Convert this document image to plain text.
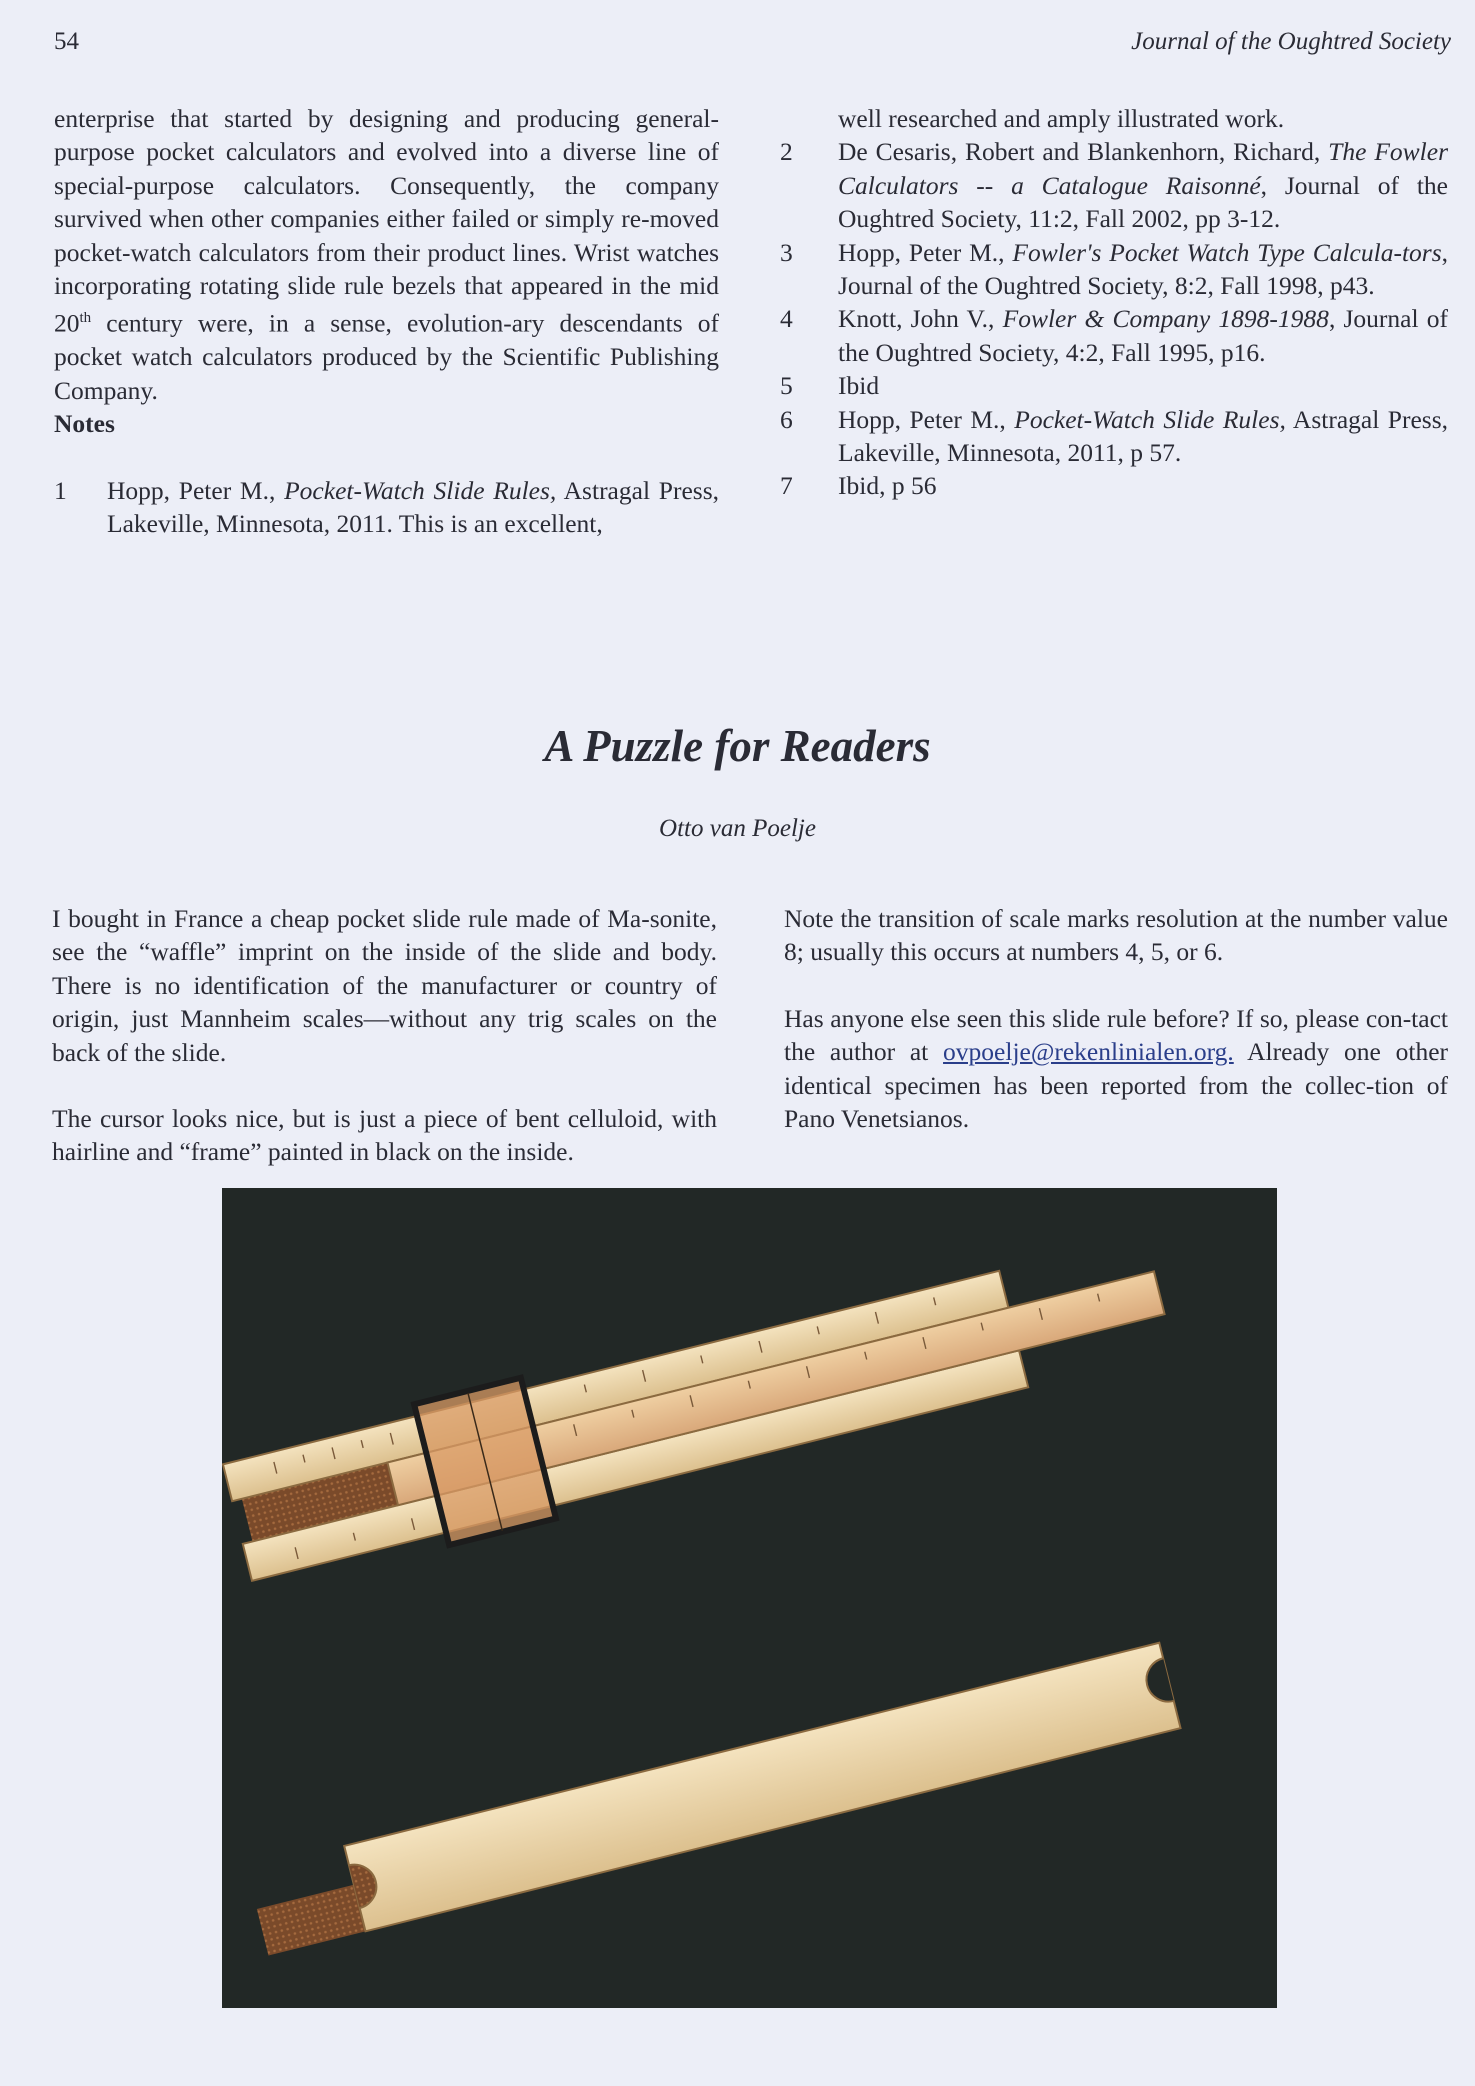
54	Journal of the Oughtred Society

enterprise that started by designing and producing general-purpose pocket calculators and evolved into a diverse line of special-purpose calculators. Consequently, the company survived when other companies either failed or simply re-moved pocket-watch calculators from their product lines. Wrist watches incorporating rotating slide rule bezels that appeared in the mid 20th century were, in a sense, evolution-ary descendants of pocket watch calculators produced by the Scientific Publishing Company.

Notes

1	Hopp, Peter M., Pocket-Watch Slide Rules, Astragal Press, Lakeville, Minnesota, 2011. This is an excellent,
well researched and amply illustrated work.
2	De Cesaris, Robert and Blankenhorn, Richard, The Fowler Calculators -- a Catalogue Raisonné, Journal of the Oughtred Society, 11:2, Fall 2002, pp 3-12.
3	Hopp, Peter M., Fowler's Pocket Watch Type Calcula-tors, Journal of the Oughtred Society, 8:2, Fall 1998, p43.
4	Knott, John V., Fowler & Company 1898-1988, Journal of the Oughtred Society, 4:2, Fall 1995, p16.
5	Ibid
6	Hopp, Peter M., Pocket-Watch Slide Rules, Astragal Press, Lakeville, Minnesota, 2011, p 57.
7	Ibid, p 56
A Puzzle for Readers
Otto van Poelje

I bought in France a cheap pocket slide rule made of Ma-sonite, see the “waffle” imprint on the inside of the slide and body. There is no identification of the manufacturer or country of origin, just Mannheim scales—without any trig scales on the back of the slide.

The cursor looks nice, but is just a piece of bent celluloid, with hairline and “frame” painted in black on the inside.

Note the transition of scale marks resolution at the number value 8; usually this occurs at numbers 4, 5, or 6.

Has anyone else seen this slide rule before? If so, please con-tact the author at ovpoelje@rekenlinialen.org. Already one other identical specimen has been reported from the collec-tion of Pano Venetsianos.
